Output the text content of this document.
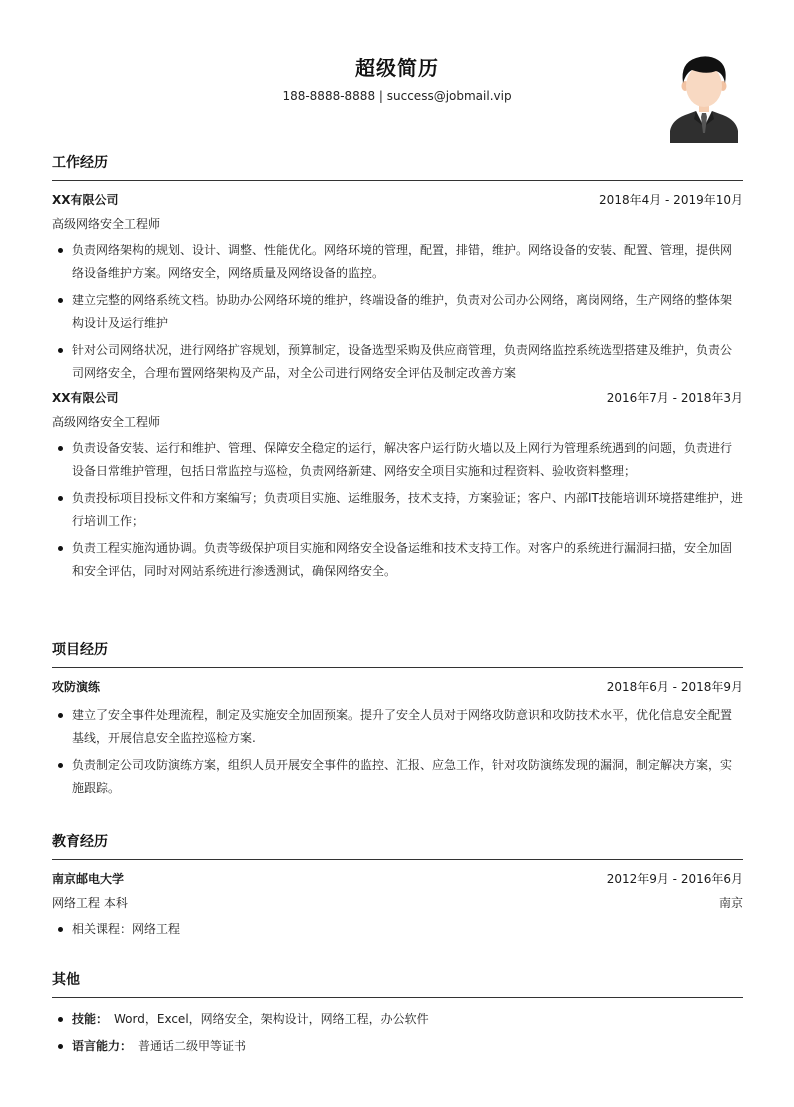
超级简历
188-8888-8888 | success@jobmail.vip
工作经历
XX有限公司	2018年4月 - 2019年10月
高级网络安全工程师
负责网络架构的规划、设计、调整、性能优化。网络环境的管理，配置，排错，维护。网络设备的安装、配置、管理，提供网络设备维护方案。网络安全，网络质量及网络设备的监控。
建立完整的网络系统文档。协助办公网络环境的维护，终端设备的维护，负责对公司办公网络，离岗网络，生产网络的整体架构设计及运行维护
针对公司网络状况，进行网络扩容规划，预算制定，设备选型采购及供应商管理，负责网络监控系统选型搭建及维护，负责公司网络安全，合理布置网络架构及产品，对全公司进行网络安全评估及制定改善方案
XX有限公司	2016年7月 - 2018年3月
高级网络安全工程师
负责设备安装、运行和维护、管理、保障安全稳定的运行，解决客户运行防火墙以及上网行为管理系统遇到的问题，负责进行设备日常维护管理，包括日常监控与巡检，负责网络新建、网络安全项目实施和过程资料、验收资料整理；
负责投标项目投标文件和方案编写；负责项目实施、运维服务，技术支持，方案验证；客户、内部IT技能培训环境搭建维护，进行培训工作；
负责工程实施沟通协调。负责等级保护项目实施和网络安全设备运维和技术支持工作。对客户的系统进行漏洞扫描，安全加固和安全评估，同时对网站系统进行渗透测试，确保网络安全。
项目经历
攻防演练	2018年6月 - 2018年9月
建立了安全事件处理流程，制定及实施安全加固预案。提升了安全人员对于网络攻防意识和攻防技术水平，优化信息安全配置基线，开展信息安全监控巡检方案.
负责制定公司攻防演练方案，组织人员开展安全事件的监控、汇报、应急工作，针对攻防演练发现的漏洞，制定解决方案，实施跟踪。
教育经历
南京邮电大学	2012年9月 - 2016年6月
网络工程 本科	南京
相关课程：网络工程
其他
技能： Word，Excel，网络安全，架构设计，网络工程，办公软件
语言能力： 普通话二级甲等证书
